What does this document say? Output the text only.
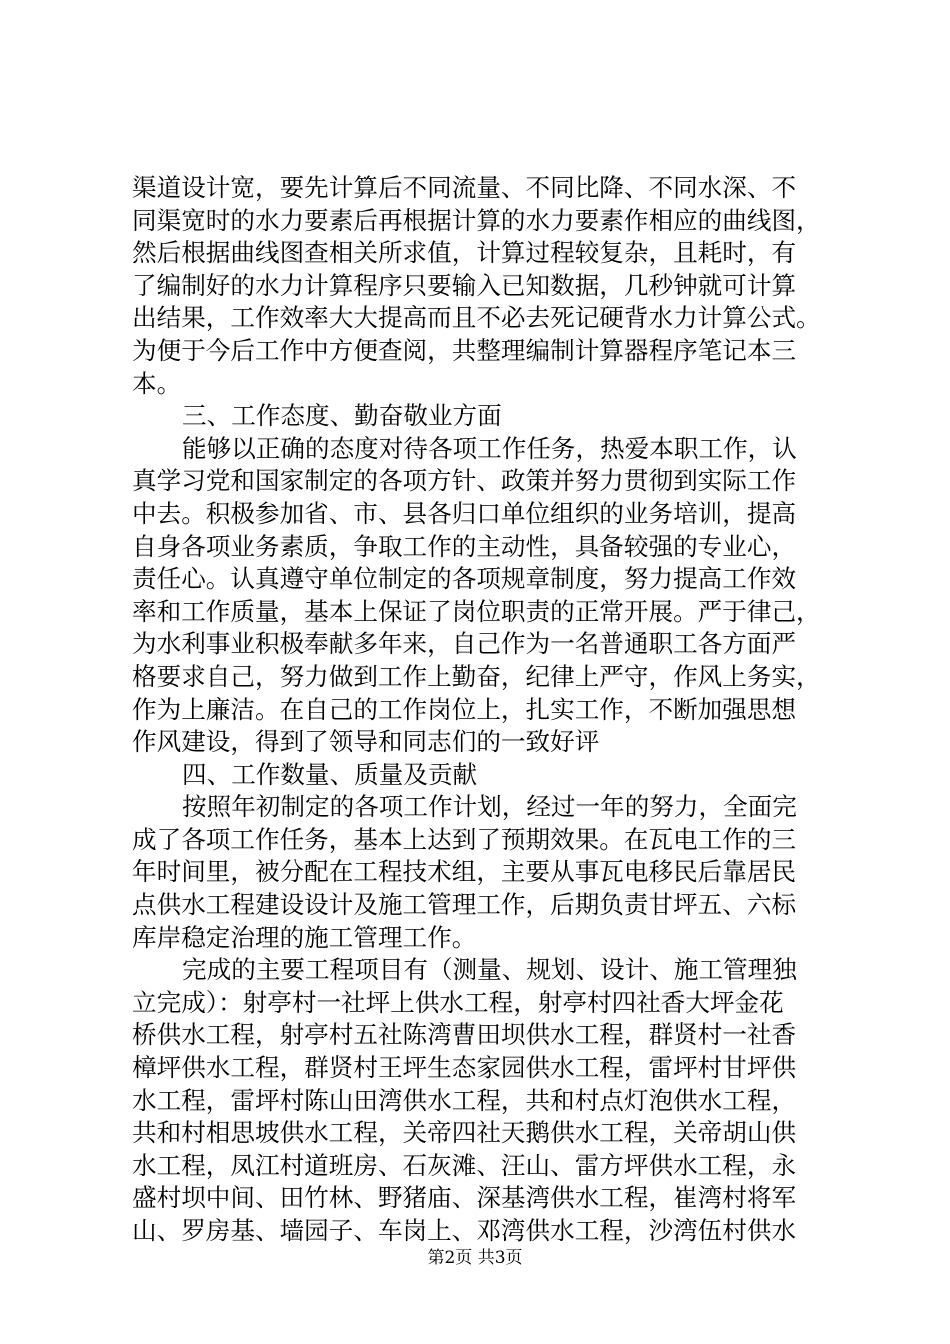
渠道设计宽，要先计算后不同流量、不同比降、不同水深、不
同渠宽时的水力要素后再根据计算的水力要素作相应的曲线图，
然后根据曲线图查相关所求值，计算过程较复杂，且耗时，有
了编制好的水力计算程序只要输入已知数据，几秒钟就可计算
出结果，工作效率大大提高而且不必去死记硬背水力计算公式。
为便于今后工作中方便查阅，共整理编制计算器程序笔记本三
本。
三、工作态度、勤奋敬业方面
能够以正确的态度对待各项工作任务，热爱本职工作，认
真学习党和国家制定的各项方针、政策并努力贯彻到实际工作
中去。积极参加省、市、县各归口单位组织的业务培训，提高
自身各项业务素质，争取工作的主动性，具备较强的专业心，
责任心。认真遵守单位制定的各项规章制度，努力提高工作效
率和工作质量，基本上保证了岗位职责的正常开展。严于律己，
为水利事业积极奉献多年来，自己作为一名普通职工各方面严
格要求自己，努力做到工作上勤奋，纪律上严守，作风上务实，
作为上廉洁。在自己的工作岗位上，扎实工作，不断加强思想
作风建设，得到了领导和同志们的一致好评
四、工作数量、质量及贡献
按照年初制定的各项工作计划，经过一年的努力，全面完
成了各项工作任务，基本上达到了预期效果。在瓦电工作的三
年时间里，被分配在工程技术组，主要从事瓦电移民后靠居民
点供水工程建设设计及施工管理工作，后期负责甘坪五、六标
库岸稳定治理的施工管理工作。
完成的主要工程项目有（测量、规划、设计、施工管理独
立完成）：射亭村一社坪上供水工程，射亭村四社香大坪金花
桥供水工程，射亭村五社陈湾曹田坝供水工程，群贤村一社香
樟坪供水工程，群贤村王坪生态家园供水工程，雷坪村甘坪供
水工程，雷坪村陈山田湾供水工程，共和村点灯泡供水工程，
共和村相思坡供水工程，关帝四社天鹅供水工程，关帝胡山供
水工程，凤江村道班房、石灰滩、汪山、雷方坪供水工程，永
盛村坝中间、田竹林、野猪庙、深基湾供水工程，崔湾村将军
山、罗房基、墙园子、车岗上、邓湾供水工程，沙湾伍村供水
第2页 共3页
